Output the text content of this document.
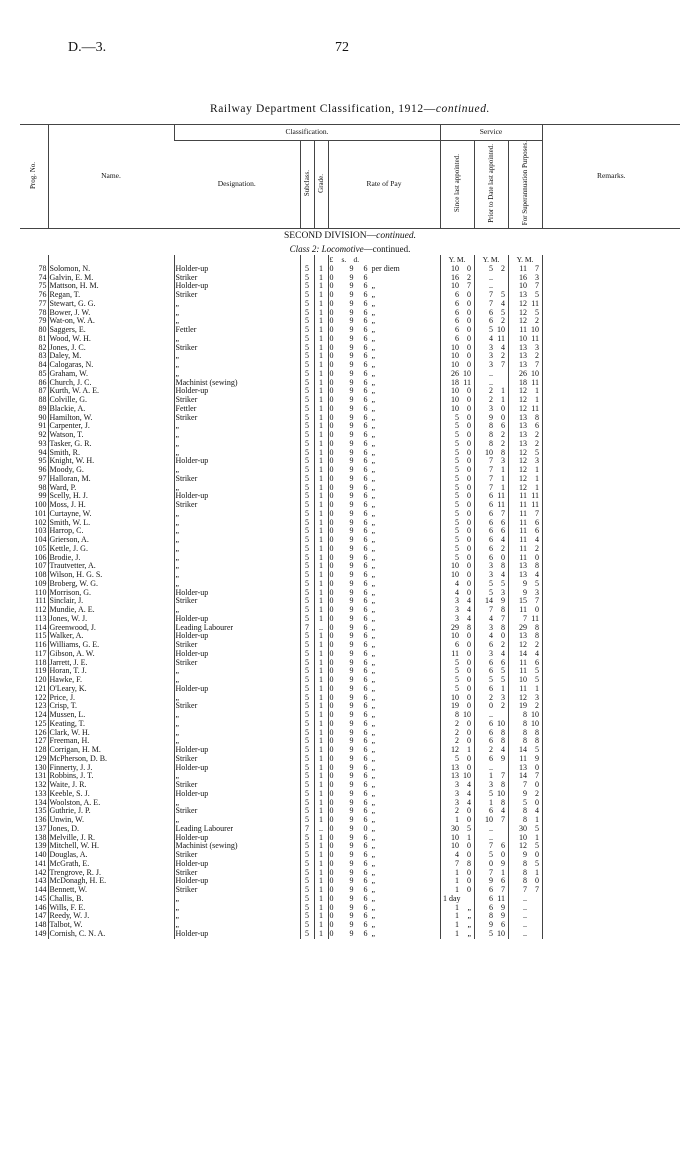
D.—3.	72
Railway Department Classification, 1912—continued.
Prog. No.	Name.	Classification.				Service			Remarks.
		Designation.	Subclass.	Grade.	Rate of Pay	Since last appointed.	Prior to Date last appointed.	For Superannuation Purposes.	
SECOND DIVISION—continued.									
Class 2: Locomotive—continued.									
					£ s. d.	Y. M.	Y. M.	Y. M.	
78	Solomon, N.	Holder-up	5	1	0 9 6 per diem	10 0	5 2	11 7	
74	Galvin, E. M.	Striker	5	1	0 9 6	16 2	..	16 3	
75	Mattson, H. M.	Holder-up	5	1	0 9 6 „	10 7	..	10 7	
76	Regan, T.	Striker	5	1	0 9 6 „	6 0	7 5	13 5	
77	Stewart, G. G.	„	5	1	0 9 6 „	6 0	7 4	12 11	
78	Bower, J. W.	„	5	1	0 9 6 „	6 0	6 5	12 5	
79	Wat-on, W. A.	„	5	1	0 9 6 „	6 0	6 2	12 2	
80	Saggers, E.	Fettler	5	1	0 9 6 „	6 0	5 10	11 10	
81	Wood, W. H.	„	5	1	0 9 6 „	6 0	4 11	10 11	
82	Jones, J. C.	Striker	5	1	0 9 6 „	10 0	3 4	13 3	
83	Daley, M.	„	5	1	0 9 6 „	10 0	3 2	13 2	
84	Calogaras, N.	„	5	1	0 9 6 „	10 0	3 7	13 7	
85	Graham, W.	„	5	1	0 9 6 „	26 10	..	26 10	
86	Church, J. C.	Machinist (sewing)	5	1	0 9 6 „	18 11	..	18 11	
87	Kurth, W. A. E.	Holder-up	5	1	0 9 6 „	10 0	2 1	12 1	
88	Colville, G.	Striker	5	1	0 9 6 „	10 0	2 1	12 1	
89	Blackie, A.	Fettler	5	1	0 9 6 „	10 0	3 0	12 11	
90	Hamilton, W.	Striker	5	1	0 9 6 „	5 0	9 0	13 8	
91	Carpenter, J.	„	5	1	0 9 6 „	5 0	8 6	13 6	
92	Watson, T.	„	5	1	0 9 6 „	5 0	8 2	13 2	
93	Tasker, G. R.	„	5	1	0 9 6 „	5 0	8 2	13 2	
94	Smith, R.	„	5	1	0 9 6 „	5 0	10 8	12 5	
95	Knight, W. H.	Holder-up	5	1	0 9 6 „	5 0	7 3	12 3	
96	Moody, G.	„	5	1	0 9 6 „	5 0	7 1	12 1	
97	Halloran, M.	Striker	5	1	0 9 6 „	5 0	7 1	12 1	
98	Ward, P.	„	5	1	0 9 6 „	5 0	7 1	12 1	
99	Scelly, H. J.	Holder-up	5	1	0 9 6 „	5 0	6 11	11 11	
100	Moss, J. H.	Striker	5	1	0 9 6 „	5 0	6 11	11 11	
101	Curtayne, W.	„	5	1	0 9 6 „	5 0	6 7	11 7	
102	Smith, W. L.	„	5	1	0 9 6 „	5 0	6 6	11 6	
103	Harrop, C.	„	5	1	0 9 6 „	5 0	6 6	11 6	
104	Grierson, A.	„	5	1	0 9 6 „	5 0	6 4	11 4	
105	Kettle, J. G.	„	5	1	0 9 6 „	5 0	6 2	11 2	
106	Brodie, J.	„	5	1	0 9 6 „	5 0	6 0	11 0	
107	Trautvetter, A.	„	5	1	0 9 6 „	10 0	3 8	13 8	
108	Wilson, H. G. S.	„	5	1	0 9 6 „	10 0	3 4	13 4	
109	Broberg, W. G.	„	5	1	0 9 6 „	4 0	5 5	9 5	
110	Morrison, G.	Holder-up	5	1	0 9 6 „	4 0	5 3	9 3	
111	Sinclair, J.	Striker	5	1	0 9 6 „	3 4	14 9	15 7	
112	Mundie, A. E.	„	5	1	0 9 6 „	3 4	7 8	11 0	
113	Jones, W. J.	Holder-up	5	1	0 9 6 „	3 4	4 7	7 11	
114	Greenwood, J.	Leading Labourer	7	..	0 9 6 „	29 8	3 8	29 8	
115	Walker, A.	Holder-up	5	1	0 9 6 „	10 0	4 0	13 8	
116	Williams, G. E.	Striker	5	1	0 9 6 „	6 0	6 2	12 2	
117	Gibson, A. W.	Holder-up	5	1	0 9 6 „	11 0	3 4	14 4	
118	Jarrett, J. E.	Striker	5	1	0 9 6 „	5 0	6 6	11 6	
119	Horan, T. J.	„	5	1	0 9 6 „	5 0	6 5	11 5	
120	Hawke, F.	„	5	1	0 9 6 „	5 0	5 5	10 5	
121	O'Leary, K.	Holder-up	5	1	0 9 6 „	5 0	6 1	11 1	
122	Price, J.	„	5	1	0 9 6 „	10 0	2 3	12 3	
123	Crisp, T.	Striker	5	1	0 9 6 „	19 0	0 2	19 2	
124	Mussen, L.	„	5	1	0 9 6 „	8 10	..	8 10	
125	Keating, T.	„	5	1	0 9 6 „	2 0	6 10	8 10	
126	Clark, W. H.	„	5	1	0 9 6 „	2 0	6 8	8 8	
127	Freeman, H.	„	5	1	0 9 6 „	2 0	6 8	8 8	
128	Corrigan, H. M.	Holder-up	5	1	0 9 6 „	12 1	2 4	14 5	
129	McPherson, D. B.	Striker	5	1	0 9 6 „	5 0	6 9	11 9	
130	Finnerty, J. J.	Holder-up	5	1	0 9 6 „	13 0	..	13 0	
131	Robbins, J. T.	„	5	1	0 9 6 „	13 10	1 7	14 7	
132	Waite, J. R.	Striker	5	1	0 9 6 „	3 4	3 8	7 0	
133	Keeble, S. J.	Holder-up	5	1	0 9 6 „	3 4	5 10	9 2	
134	Woolston, A. E.	„	5	1	0 9 6 „	3 4	1 8	5 0	
135	Guthrie, J. P.	Striker	5	1	0 9 6 „	2 0	6 4	8 4	
136	Unwin, W.	„	5	1	0 9 6 „	1 0	10 7	8 1	
137	Jones, D.	Leading Labourer	7	..	0 9 0 „	30 5	..	30 5	
138	Melville, J. R.	Holder-up	5	1	0 9 6 „	10 1	..	10 1	
139	Mitchell, W. H.	Machinist (sewing)	5	1	0 9 6 „	10 0	7 6	12 5	
140	Douglas, A.	Striker	5	1	0 9 6 „	4 0	5 0	9 0	
141	McGrath, E.	Holder-up	5	1	0 9 6 „	7 8	0 9	8 5	
142	Trengrove, R. J.	Striker	5	1	0 9 6 „	1 0	7 1	8 1	
143	McDonagh, H. E.	Holder-up	5	1	0 9 6 „	1 0	9 6	8 0	
144	Bennett, W.	Striker	5	1	0 9 6 „	1 0	6 7	7 7	
145	Challis, B.	„	5	1	0 9 6 „	1 day	6 11	..	
146	Wills, F. E.	„	5	1	0 9 6 „	1 „	6 9	..	
147	Reedy, W. J.	„	5	1	0 9 6 „	1 „	8 9	..	
148	Talbot, W.	„	5	1	0 9 6 „	1 „	9 6	..	
149	Cornish, C. N. A.	Holder-up	5	1	0 9 6 „	1 „	5 10	..	
